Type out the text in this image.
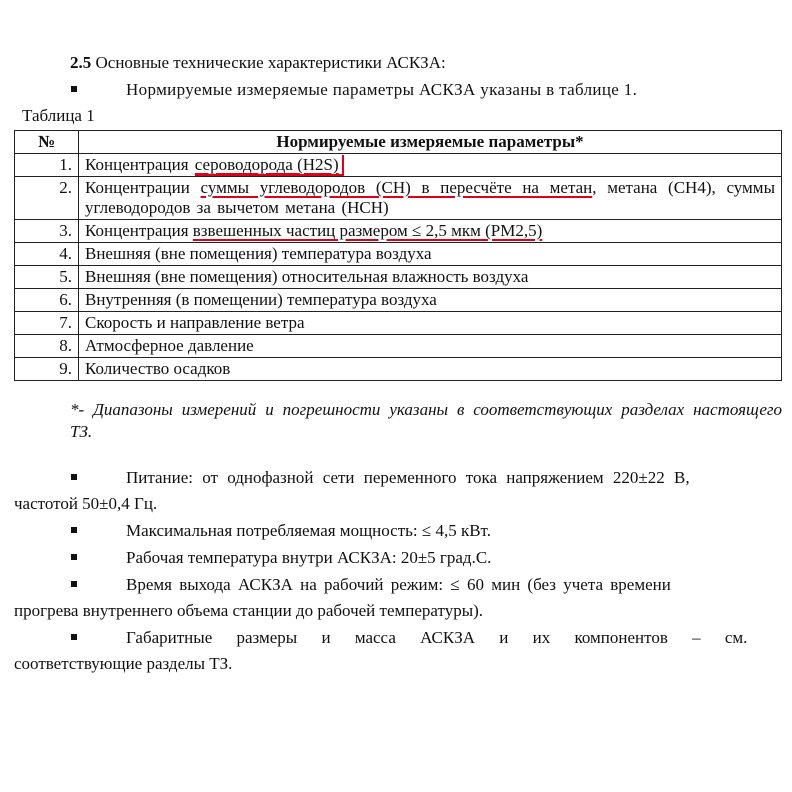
2.5 Основные технические характеристики АСКЗА:
Нормируемые измеряемые параметры АСКЗА указаны в таблице 1.
Таблица 1
№	Нормируемые измеряемые параметры*
1.	Концентрация сероводорода (H2S)
2.	Концентрации суммы углеводородов (CH) в пересчёте на метан, метана (CH4), суммы углеводородов за вычетом метана (HCH)
3.	Концентрация взвешенных частиц размером ≤ 2,5 мкм (PM2,5)
4.	Внешняя (вне помещения) температура воздуха
5.	Внешняя (вне помещения) относительная влажность воздуха
6.	Внутренняя (в помещении) температура воздуха
7.	Скорость и направление ветра
8.	Атмосферное давление
9.	Количество осадков
*- Диапазоны измерений и погрешности указаны в соответствующих разделах настоящего ТЗ.
Питание: от однофазной сети переменного тока напряжением 220±22 В,
частотой 50±0,4 Гц.
Максимальная потребляемая мощность: ≤ 4,5 кВт.
Рабочая температура внутри АСКЗА: 20±5 град.С.
Время выхода АСКЗА на рабочий режим: ≤ 60 мин (без учета времени
прогрева внутреннего объема станции до рабочей температуры).
Габаритные размеры и масса АСКЗА и их компонентов – см.
соответствующие разделы ТЗ.
